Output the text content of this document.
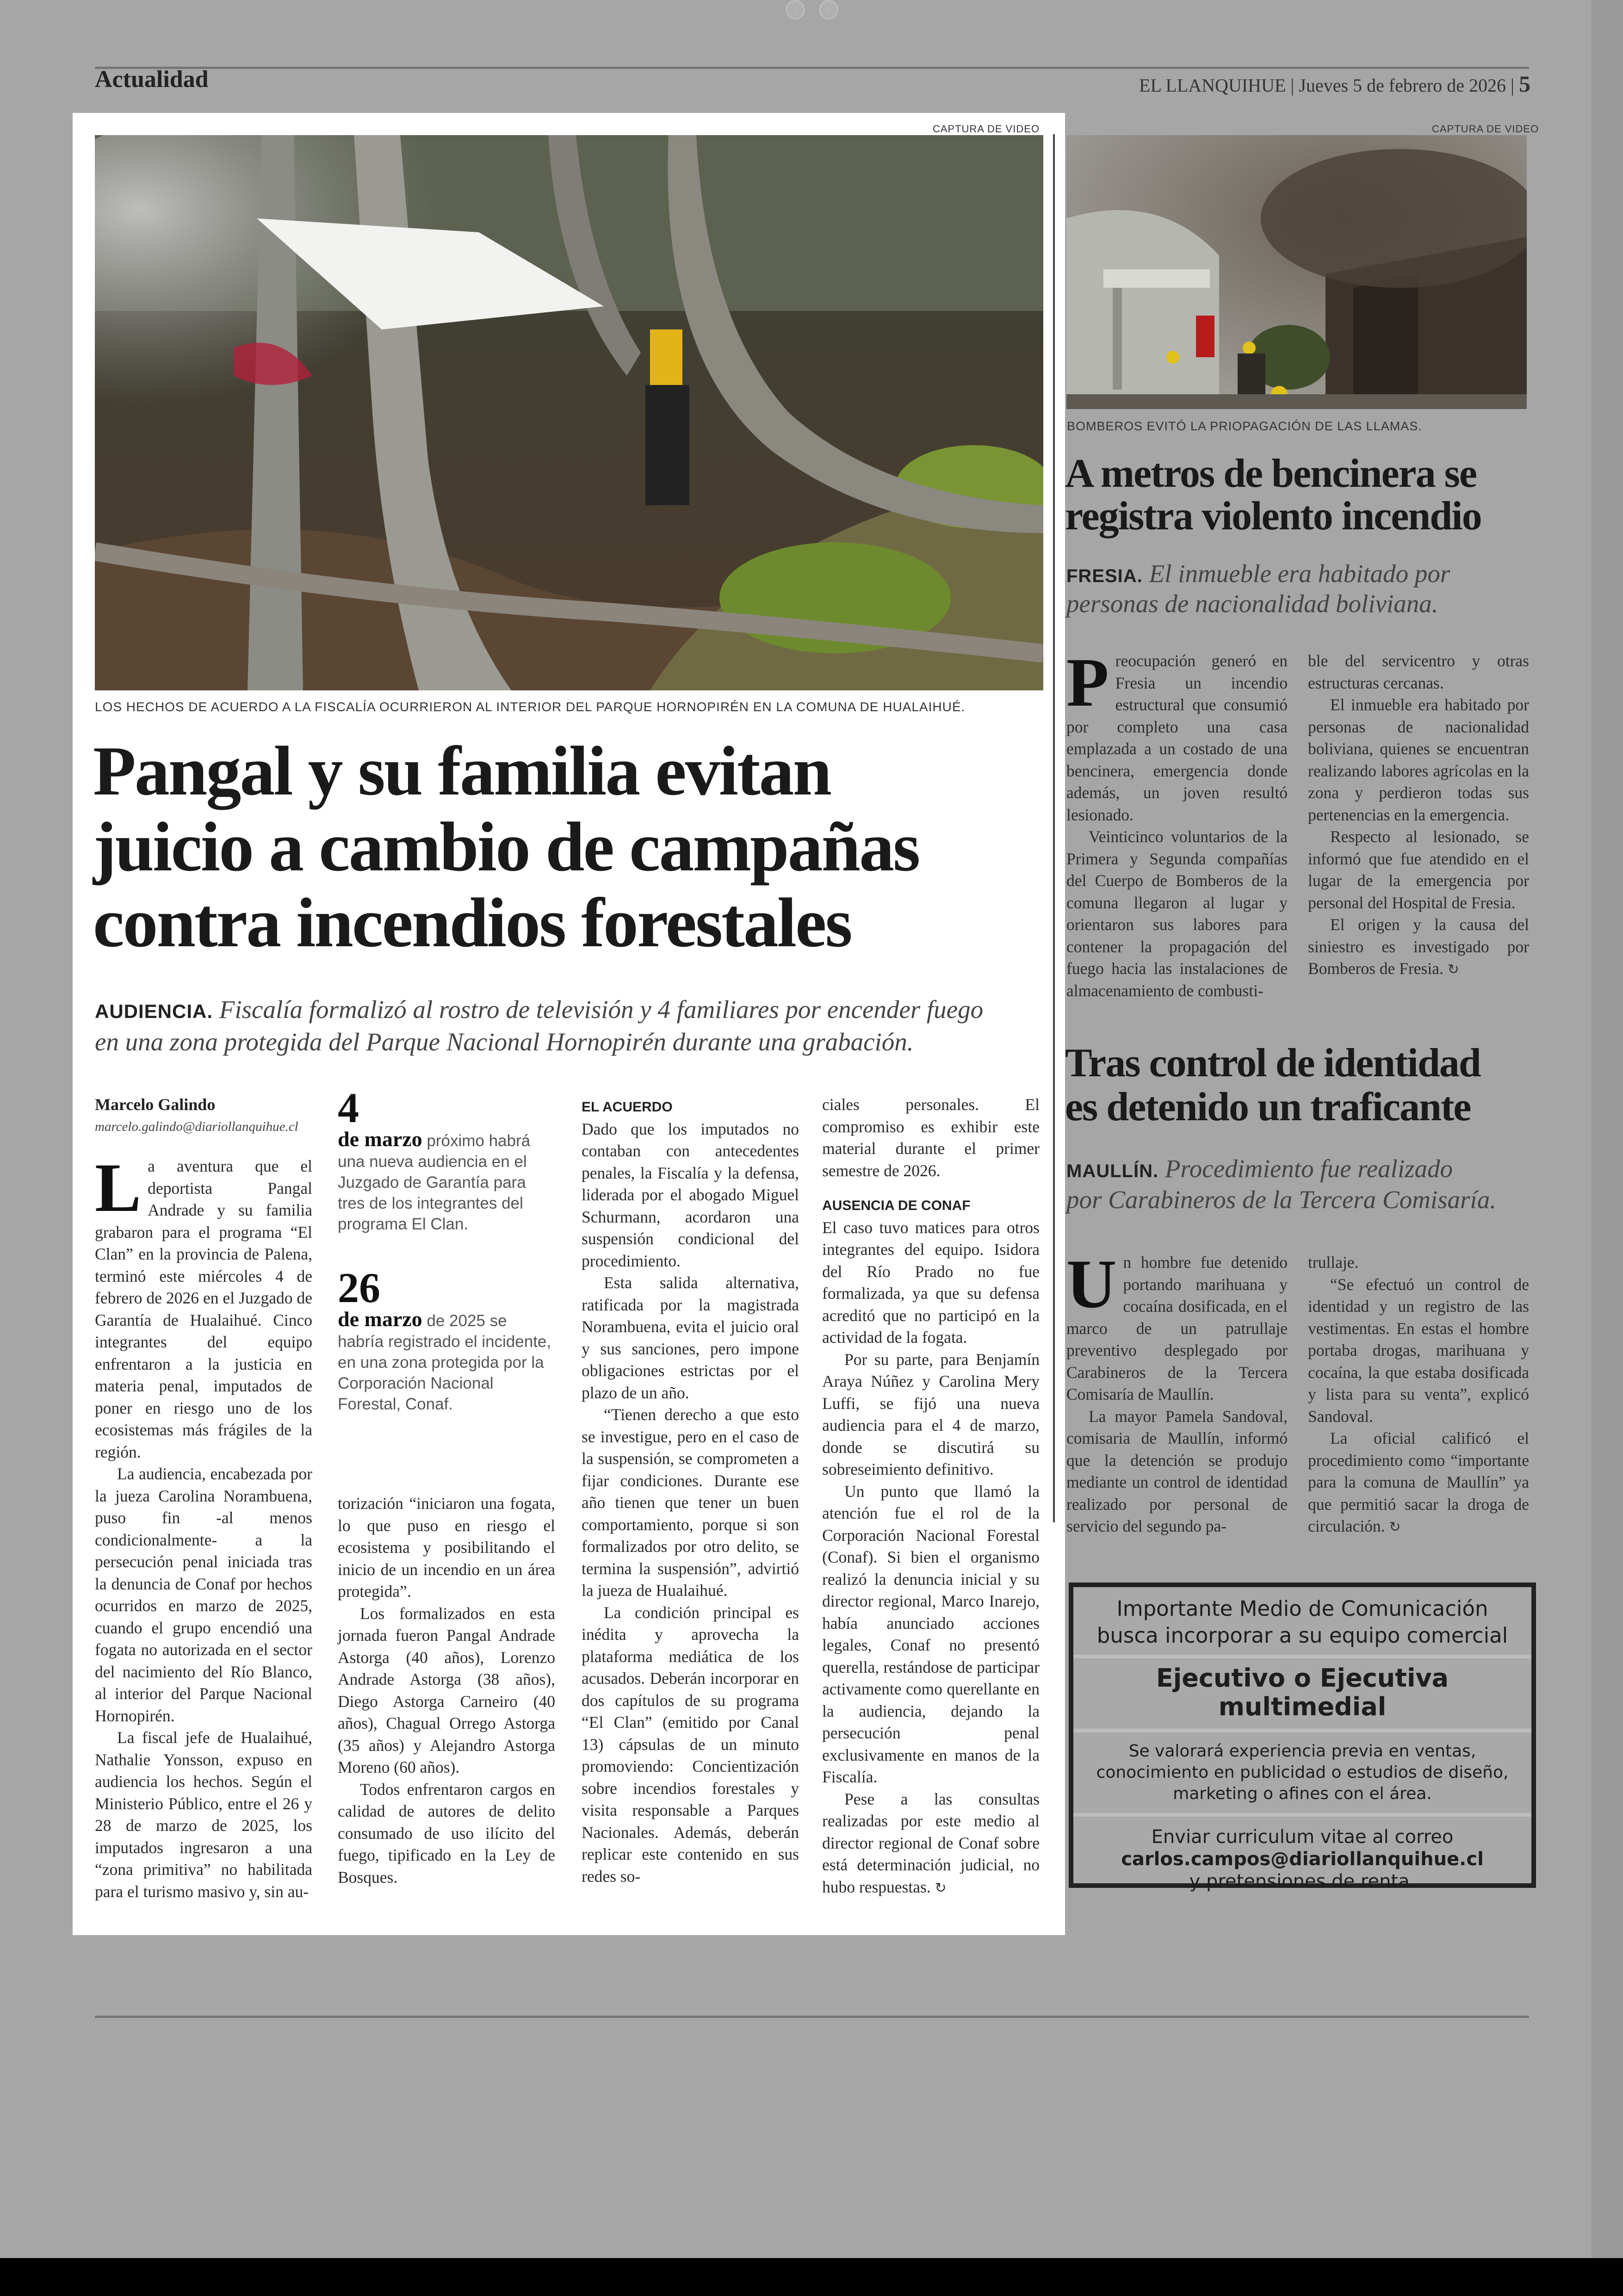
‹	›
Actualidad	EL LLANQUIHUE | Jueves 5 de febrero de 2026 | 5
CAPTURA DE VIDEO
LOS HECHOS DE ACUERDO A LA FISCALÍA OCURRIERON AL INTERIOR DEL PARQUE HORNOPIRÉN EN LA COMUNA DE HUALAIHUÉ.
Pangal y su familia evitan
juicio a cambio de campañas
contra incendios forestales
AUDIENCIA. Fiscalía formalizó al rostro de televisión y 4 familiares por encender fuego
en una zona protegida del Parque Nacional Hornopirén durante una grabación.
Marcelo Galindo
marcelo.galindo@diariollanquihue.cl

La aventura que el deportista Pangal Andrade y su familia grabaron para el programa “El Clan” en la provincia de Palena, terminó este miércoles 4 de febrero de 2026 en el Juzgado de Garantía de Hualaihué. Cinco integrantes del equipo enfrentaron a la justicia en materia penal, imputados de poner en riesgo uno de los ecosistemas más frágiles de la región.

La audiencia, encabezada por la jueza Carolina Norambuena, puso fin -al menos condicionalmente- a la persecución penal iniciada tras la denuncia de Conaf por hechos ocurridos en marzo de 2025, cuando el grupo encendió una fogata no autorizada en el sector del nacimiento del Río Blanco, al interior del Parque Nacional Hornopirén.

La fiscal jefe de Hualaihué, Nathalie Yonsson, expuso en audiencia los hechos. Según el Ministerio Público, entre el 26 y 28 de marzo de 2025, los imputados ingresaron a una “zona primitiva” no habilitada para el turismo masivo y, sin au-

4
de marzo próximo habrá una nueva audiencia en el Juzgado de Garantía para tres de los integrantes del programa El Clan.
26
de marzo de 2025 se habría registrado el incidente, en una zona protegida por la Corporación Nacional Forestal, Conaf.

torización “iniciaron una fogata, lo que puso en riesgo el ecosistema y posibilitando el inicio de un incendio en un área protegida”.

Los formalizados en esta jornada fueron Pangal Andrade Astorga (40 años), Lorenzo Andrade Astorga (38 años), Diego Astorga Carneiro (40 años), Chagual Orrego Astorga (35 años) y Alejandro Astorga Moreno (60 años).

Todos enfrentaron cargos en calidad de autores de delito consumado de uso ilícito del fuego, tipificado en la Ley de Bosques.

EL ACUERDO

Dado que los imputados no contaban con antecedentes penales, la Fiscalía y la defensa, liderada por el abogado Miguel Schurmann, acordaron una suspensión condicional del procedimiento.

Esta salida alternativa, ratificada por la magistrada Norambuena, evita el juicio oral y sus sanciones, pero impone obligaciones estrictas por el plazo de un año.

“Tienen derecho a que esto se investigue, pero en el caso de la suspensión, se comprometen a fijar condiciones. Durante ese año tienen que tener un buen comportamiento, porque si son formalizados por otro delito, se termina la suspensión”, advirtió la jueza de Hualaihué.

La condición principal es inédita y aprovecha la plataforma mediática de los acusados. Deberán incorporar en dos capítulos de su programa “El Clan” (emitido por Canal 13) cápsulas de un minuto promoviendo: Concientización sobre incendios forestales y visita responsable a Parques Nacionales. Además, deberán replicar este contenido en sus redes so-

ciales personales. El compromiso es exhibir este material durante el primer semestre de 2026.

AUSENCIA DE CONAF

El caso tuvo matices para otros integrantes del equipo. Isidora del Río Prado no fue formalizada, ya que su defensa acreditó que no participó en la actividad de la fogata.

Por su parte, para Benjamín Araya Núñez y Carolina Mery Luffi, se fijó una nueva audiencia para el 4 de marzo, donde se discutirá su sobreseimiento definitivo.

Un punto que llamó la atención fue el rol de la Corporación Nacional Forestal (Conaf). Si bien el organismo realizó la denuncia inicial y su director regional, Marco Inarejo, había anunciado acciones legales, Conaf no presentó querella, restándose de participar activamente como querellante en la audiencia, dejando la persecución penal exclusivamente en manos de la Fiscalía.

Pese a las consultas realizadas por este medio al director regional de Conaf sobre está determinación judicial, no hubo respuestas. ↻

CAPTURA DE VIDEO
BOMBEROS EVITÓ LA PRIOPAGACIÓN DE LAS LLAMAS.
A metros de bencinera se
registra violento incendio
FRESIA. El inmueble era habitado por
personas de nacionalidad boliviana.

Preocupación generó en Fresia un incendio estructural que consumió por completo una casa emplazada a un costado de una bencinera, emergencia donde además, un joven resultó lesionado.

Veinticinco voluntarios de la Primera y Segunda compañías del Cuerpo de Bomberos de la comuna llegaron al lugar y orientaron sus labores para contener la propagación del fuego hacia las instalaciones de almacenamiento de combusti-

ble del servicentro y otras estructuras cercanas.

El inmueble era habitado por personas de nacionalidad boliviana, quienes se encuentran realizando labores agrícolas en la zona y perdieron todas sus pertenencias en la emergencia.

Respecto al lesionado, se informó que fue atendido en el lugar de la emergencia por personal del Hospital de Fresia.

El origen y la causa del siniestro es investigado por Bomberos de Fresia. ↻

Tras control de identidad
es detenido un traficante
MAULLÍN. Procedimiento fue realizado
por Carabineros de la Tercera Comisaría.

Un hombre fue detenido portando marihuana y cocaína dosificada, en el marco de un patrullaje preventivo desplegado por Carabineros de la Tercera Comisaría de Maullín.

La mayor Pamela Sandoval, comisaria de Maullín, informó que la detención se produjo mediante un control de identidad realizado por personal de servicio del segundo pa-

trullaje.

“Se efectuó un control de identidad y un registro de las vestimentas. En estas el hombre portaba drogas, marihuana y cocaína, la que estaba dosificada y lista para su venta”, explicó Sandoval.

La oficial calificó el procedimiento como “importante para la comuna de Maullín” ya que permitió sacar la droga de circulación. ↻

Importante Medio de Comunicación
busca incorporar a su equipo comercial
Ejecutivo o Ejecutiva
multimedial
Se valorará experiencia previa en ventas,
conocimiento en publicidad o estudios de diseño,
marketing o afines con el área.
Enviar curriculum vitae al correo
carlos.campos@diariollanquihue.cl
y pretensiones de renta.
